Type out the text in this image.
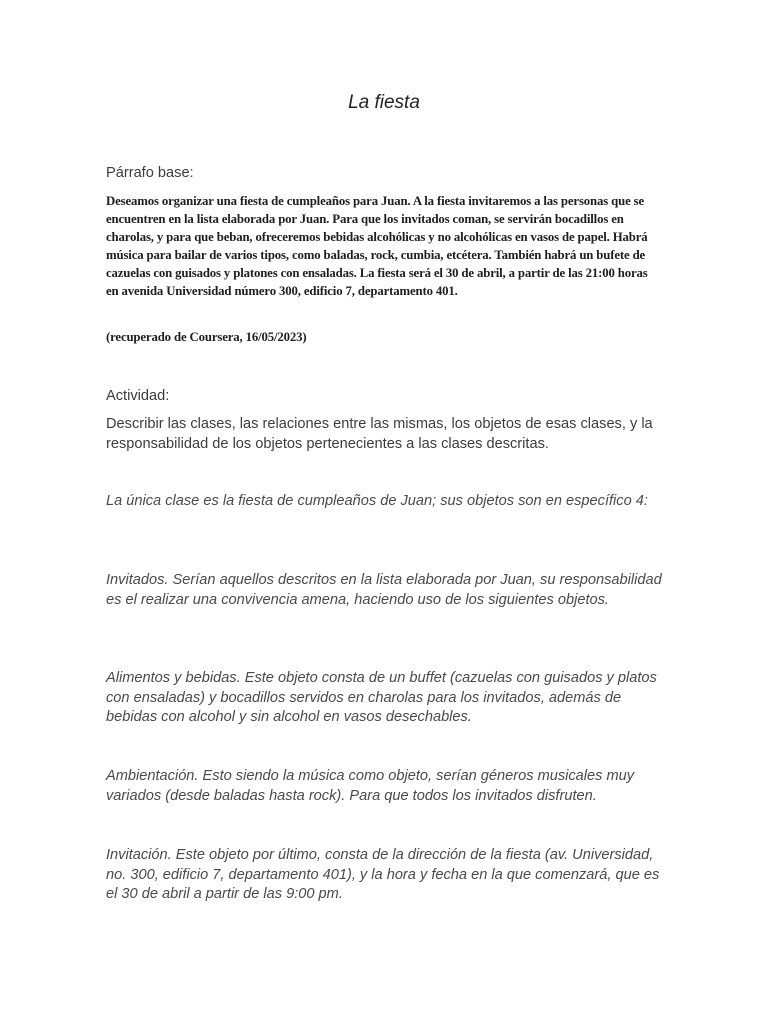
La fiesta

Párrafo base:

Deseamos organizar una fiesta de cumpleaños para Juan. A la fiesta invitaremos a las personas que se encuentren en la lista elaborada por Juan. Para que los invitados coman, se servirán bocadillos en charolas, y para que beban, ofreceremos bebidas alcohólicas y no alcohólicas en vasos de papel. Habrá música para bailar de varios tipos, como baladas, rock, cumbia, etcétera. También habrá un bufete de cazuelas con guisados y platones con ensaladas. La fiesta será el 30 de abril, a partir de las 21:00 horas en avenida Universidad número 300, edificio 7, departamento 401.

(recuperado de Coursera, 16/05/2023)

Actividad:

Describir las clases, las relaciones entre las mismas, los objetos de esas clases, y la responsabilidad de los objetos pertenecientes a las clases descritas.

La única clase es la fiesta de cumpleaños de Juan; sus objetos son en específico 4:

Invitados. Serían aquellos descritos en la lista elaborada por Juan, su responsabilidad es el realizar una convivencia amena, haciendo uso de los siguientes objetos.

Alimentos y bebidas. Este objeto consta de un buffet (cazuelas con guisados y platos con ensaladas) y bocadillos servidos en charolas para los invitados, además de bebidas con alcohol y sin alcohol en vasos desechables.

Ambientación. Esto siendo la música como objeto, serían géneros musicales muy variados (desde baladas hasta rock). Para que todos los invitados disfruten.

Invitación. Este objeto por último, consta de la dirección de la fiesta (av. Universidad, no. 300, edificio 7, departamento 401), y la hora y fecha en la que comenzará, que es el 30 de abril a partir de las 9:00 pm.
